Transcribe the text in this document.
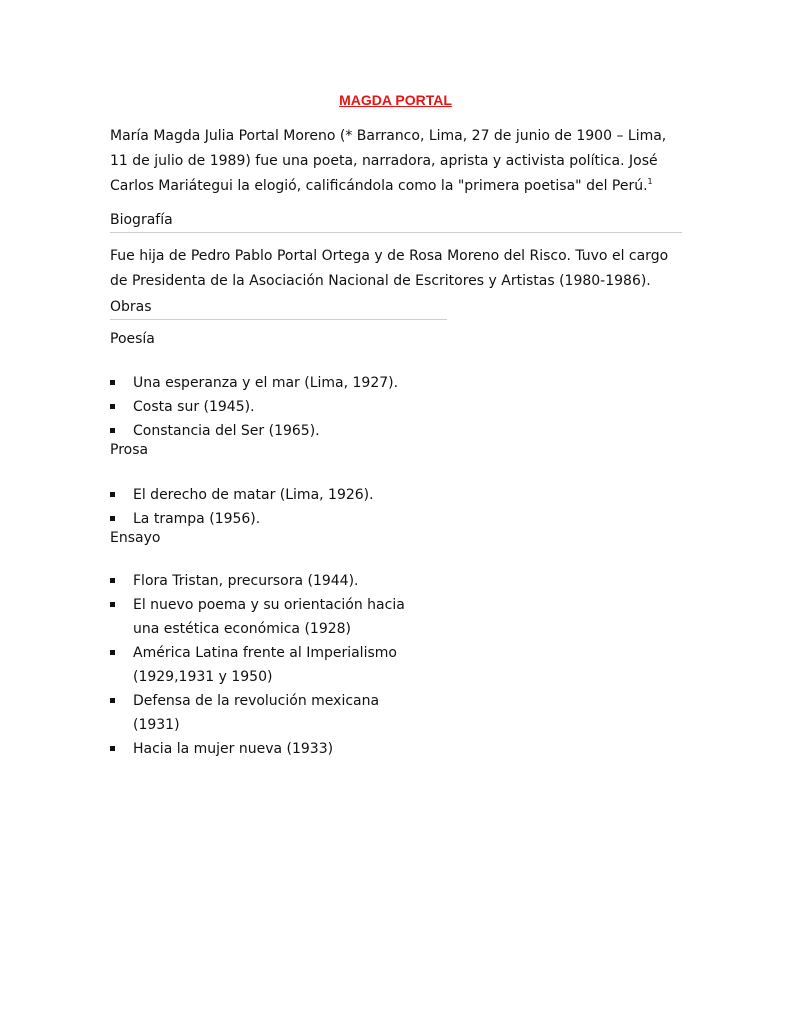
MAGDA PORTAL
María Magda Julia Portal Moreno (* Barranco, Lima, 27 de junio de 1900 – Lima, 11 de julio de 1989) fue una poeta, narradora, aprista y activista política. José Carlos Mariátegui la elogió, calificándola como la "primera poetisa" del Perú.$^1$
Biografía
Fue hija de Pedro Pablo Portal Ortega y de Rosa Moreno del Risco. Tuvo el cargo de Presidenta de la Asociación Nacional de Escritores y Artistas (1980-1986).
Obras
Poesía
Una esperanza y el mar (Lima, 1927).
Costa sur (1945).
Constancia del Ser (1965).
Prosa
El derecho de matar (Lima, 1926).
La trampa (1956).
Ensayo
Flora Tristan, precursora (1944).
El nuevo poema y su orientación hacia una estética económica (1928)
América Latina frente al Imperialismo (1929,1931 y 1950)
Defensa de la revolución mexicana (1931)
Hacia la mujer nueva (1933)
